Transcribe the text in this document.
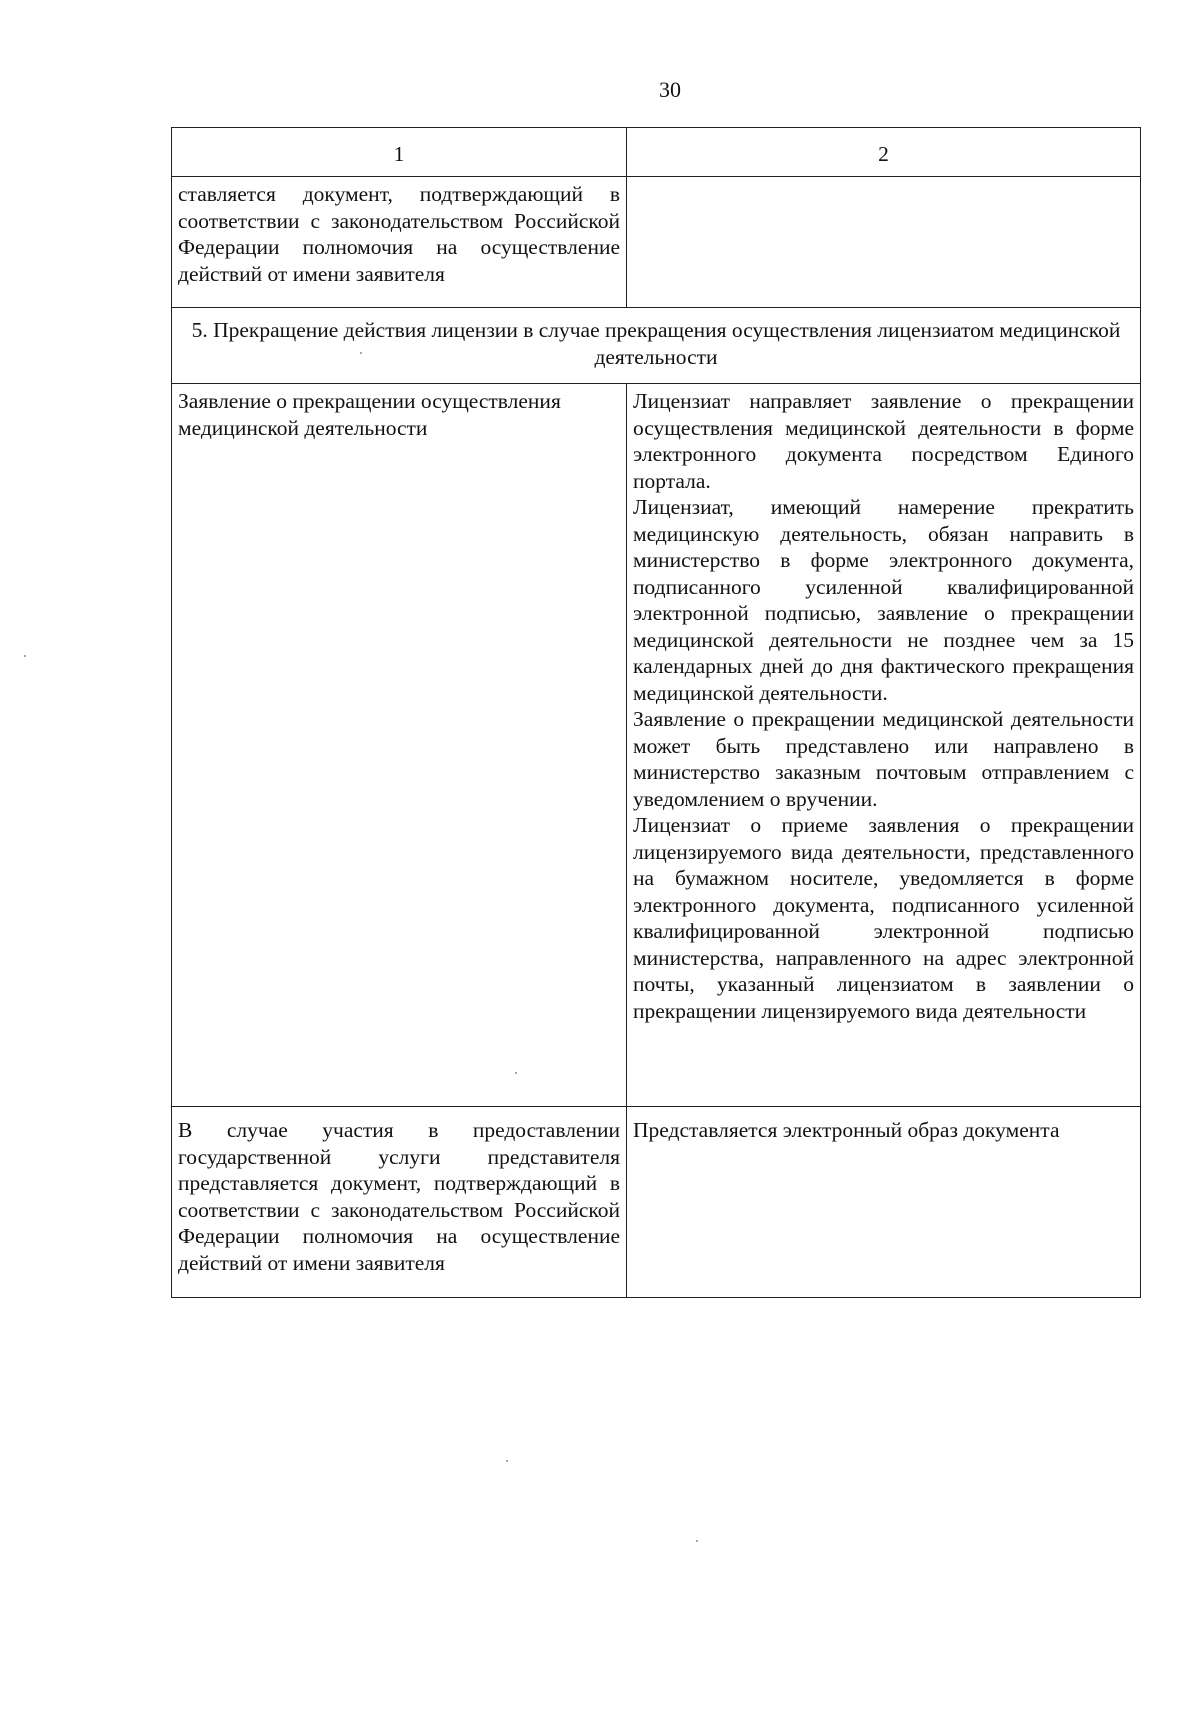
30
1	2
ставляется документ, подтверждающий в соответствии с законодательством Российской Федерации полномочия на осуществление действий от имени заявителя	
5. Прекращение действия лицензии в случае прекращения осуществления лицензиатом медицинской деятельности	
Заявление о прекращении осуществления медицинской деятельности	Лицензиат направляет заявление о прекращении осуществления медицинской деятельности в форме электронного документа посредством Единого портала.
Лицензиат, имеющий намерение прекратить медицинскую деятельность, обязан направить в министерство в форме электронного документа, подписанного усиленной квалифицированной электронной подписью, заявление о прекращении медицинской деятельности не позднее чем за 15 календарных дней до дня фактического прекращения медицинской деятельности.
Заявление о прекращении медицинской деятельности может быть представлено или направлено в министерство заказным почтовым отправлением с уведомлением о вручении.
Лицензиат о приеме заявления о прекращении лицензируемого вида деятельности, представленного на бумажном носителе, уведомляется в форме электронного документа, подписанного усиленной квалифицированной электронной подписью министерства, направленного на адрес электронной почты, указанный лицензиатом в заявлении о прекращении лицензируемого вида деятельности

В случае участия в предоставлении государственной услуги представителя представляется документ, подтверждающий в соответствии с законодательством Российской Федерации полномочия на осуществление действий от имени заявителя	Представляется электронный образ документа
